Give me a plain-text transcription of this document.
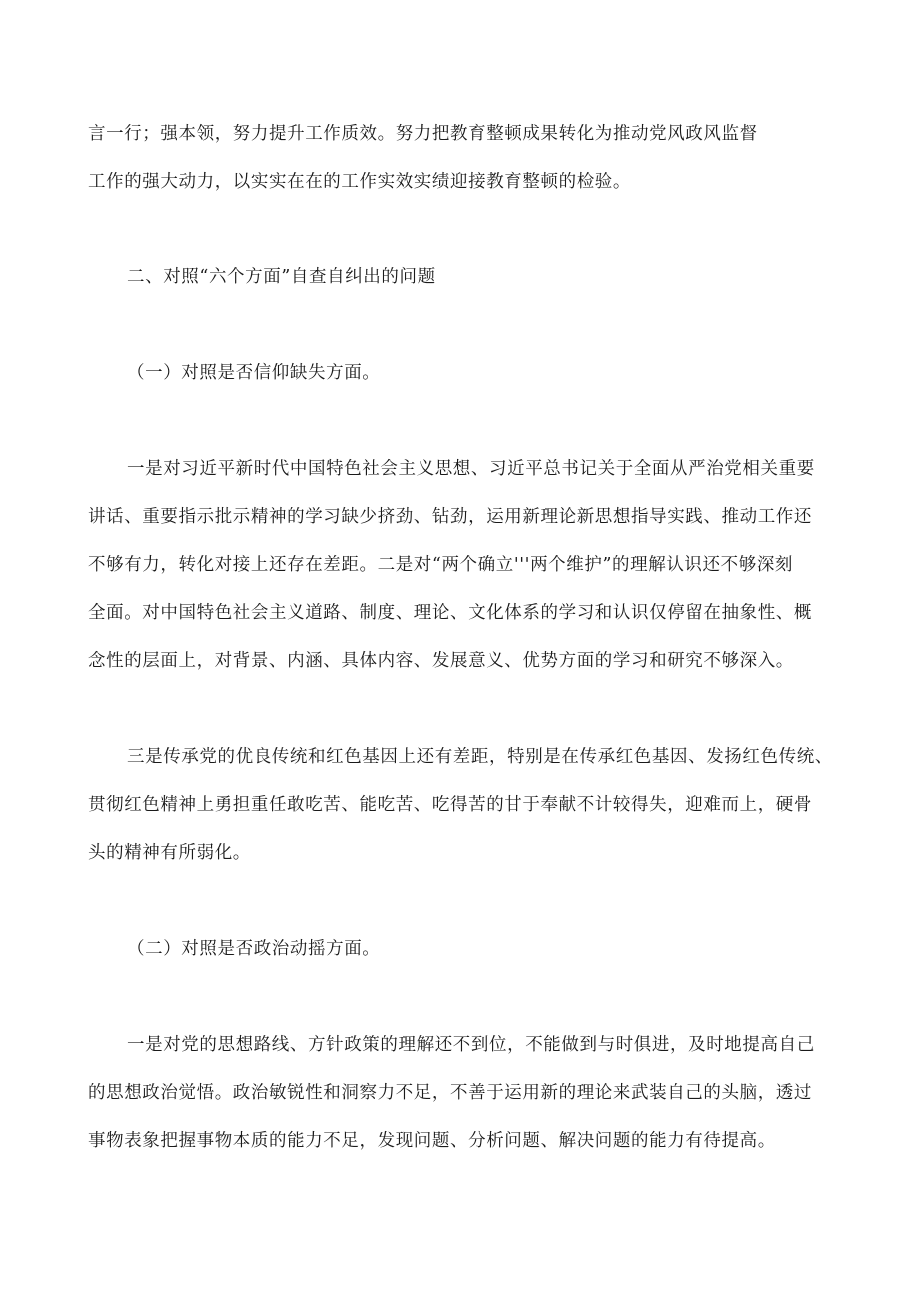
言一行；强本领，努力提升工作质效。努力把教育整顿成果转化为推动党风政风监督
工作的强大动力，以实实在在的工作实效实绩迎接教育整顿的检验。
二、对照“六个方面”自查自纠出的问题
（一）对照是否信仰缺失方面。
一是对习近平新时代中国特色社会主义思想、习近平总书记关于全面从严治党相关重要
讲话、重要指示批示精神的学习缺少挤劲、钻劲，运用新理论新思想指导实践、推动工作还
不够有力，转化对接上还存在差距。二是对“两个确立'''两个维护”的理解认识还不够深刻
全面。对中国特色社会主义道路、制度、理论、文化体系的学习和认识仅停留在抽象性、概
念性的层面上，对背景、内涵、具体内容、发展意义、优势方面的学习和研究不够深入。
三是传承党的优良传统和红色基因上还有差距，特别是在传承红色基因、发扬红色传统、
贯彻红色精神上勇担重任敢吃苦、能吃苦、吃得苦的甘于奉献不计较得失，迎难而上，硬骨
头的精神有所弱化。
（二）对照是否政治动摇方面。
一是对党的思想路线、方针政策的理解还不到位，不能做到与时俱进，及时地提高自己
的思想政治觉悟。政治敏锐性和洞察力不足，不善于运用新的理论来武装自己的头脑，透过
事物表象把握事物本质的能力不足，发现问题、分析问题、解决问题的能力有待提高。
